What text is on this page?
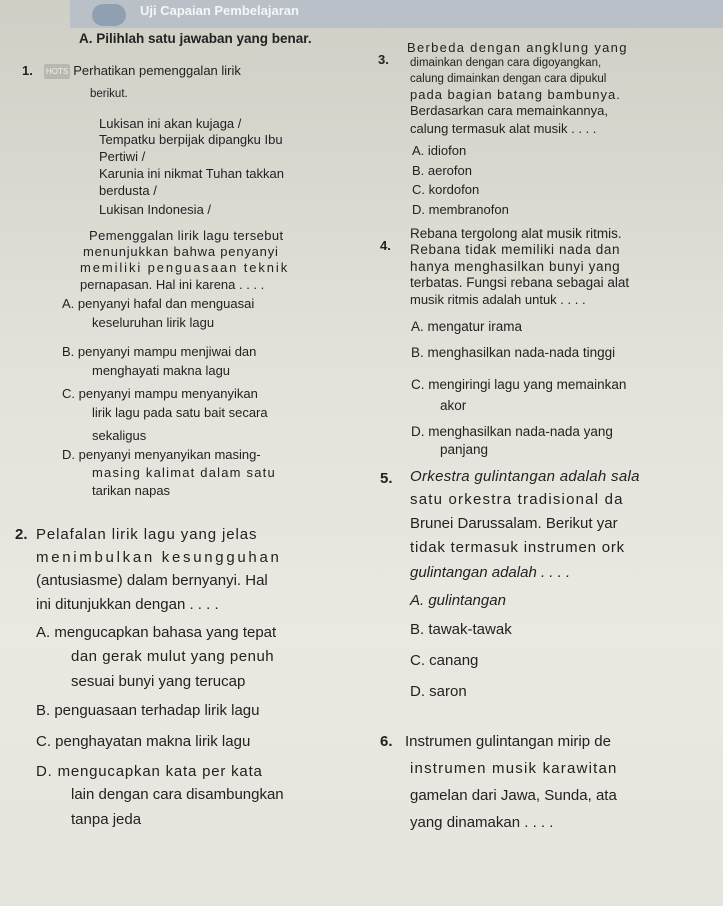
Uji Capaian Pembelajaran
A. Pilihlah satu jawaban yang benar.
1. HOTS Perhatikan pemenggalan lirik
berikut.
Lukisan ini akan kujaga /
Tempatku berpijak dipangku Ibu
Pertiwi /
Karunia ini nikmat Tuhan takkan
berdusta /
Lukisan Indonesia /
Pemenggalan lirik lagu tersebut
menunjukkan bahwa penyanyi
memiliki penguasaan teknik
pernapasan. Hal ini karena . . . .
A. penyanyi hafal dan menguasai
keseluruhan lirik lagu
B. penyanyi mampu menjiwai dan
menghayati makna lagu
C. penyanyi mampu menyanyikan
lirik lagu pada satu bait secara
sekaligus
D. penyanyi menyanyikan masing-
masing kalimat dalam satu
tarikan napas
2. Pelafalan lirik lagu yang jelas
menimbulkan kesungguhan
(antusiasme) dalam bernyanyi. Hal
ini ditunjukkan dengan . . . .
A. mengucapkan bahasa yang tepat
dan gerak mulut yang penuh
sesuai bunyi yang terucap
B. penguasaan terhadap lirik lagu
C. penghayatan makna lirik lagu
D. mengucapkan kata per kata
lain dengan cara disambungkan
tanpa jeda
3.
Berbeda dengan angklung yang
dimainkan dengan cara digoyangkan,
calung dimainkan dengan cara dipukul
pada bagian batang bambunya.
Berdasarkan cara memainkannya,
calung termasuk alat musik . . . .
A. idiofon
B. aerofon
C. kordofon
D. membranofon
4.
Rebana tergolong alat musik ritmis.
Rebana tidak memiliki nada dan
hanya menghasilkan bunyi yang
terbatas. Fungsi rebana sebagai alat
musik ritmis adalah untuk . . . .
A. mengatur irama
B. menghasilkan nada-nada tinggi
C. mengiringi lagu yang memainkan
akor
D. menghasilkan nada-nada yang
panjang
5. Orkestra gulintangan adalah sala
satu orkestra tradisional da
Brunei Darussalam. Berikut yar
tidak termasuk instrumen ork
gulintangan adalah . . . .
A. gulintangan
B. tawak-tawak
C. canang
D. saron
6. Instrumen gulintangan mirip de
instrumen musik karawitan
gamelan dari Jawa, Sunda, ata
yang dinamakan . . . .
